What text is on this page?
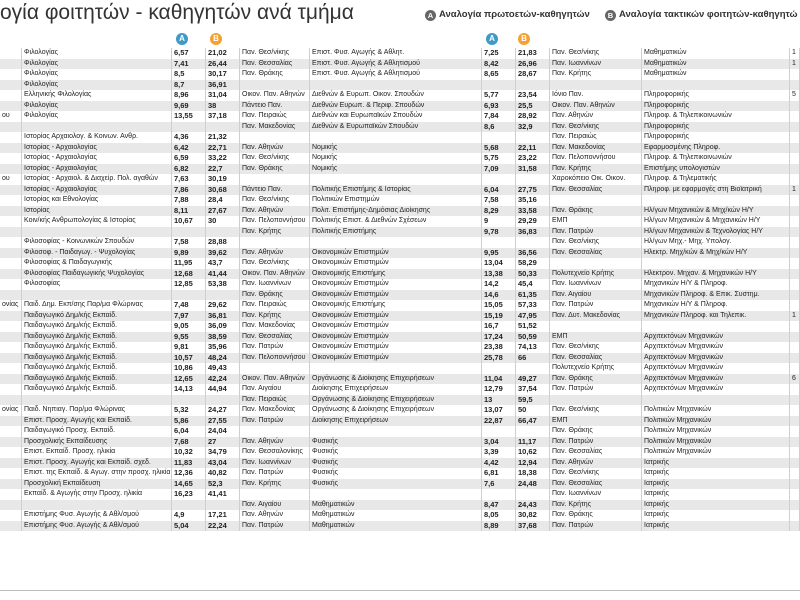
ογία φοιτητών - καθηγητών ανά τμήμα	A Αναλογία πρωτοετών-καθηγητών	B Αναλογία τακτικών φοιτητών-καθηγητώ
A	B	A	B
Φιλολογίας	6,57	21,02	Παν. Θεσ/νίκης	Επιστ. Φυσ. Αγωγής & Αθλητ.	7,25	21,83	Παν. Θεσ/νίκης	Μαθηματικών	1
Φιλολογίας	7,41	26,44	Παν. Θεσσαλίας	Επιστ. Φυσ. Αγωγής & Αθλητισμού	8,42	26,96	Παν. Ιωαννίνων	Μαθηματικών	1
Φιλολογίας	8,5	30,17	Παν. Θράκης	Επιστ. Φυσ. Αγωγής & Αθλητισμού	8,65	28,67	Παν. Κρήτης	Μαθηματικών
Φιλολογίας	8,7	36,91
Ελληνικής Φιλολογίας	8,96	31,04	Οικον. Παν. Αθηνών	Διεθνών & Ευρωπ. Οικον. Σπουδών	5,77	23,54	Ιόνιο Παν.	Πληροφορικής	5
Φιλολογίας	9,69	38	Πάντειο Παν.	Διεθνών Ευρωπ. & Περιφ. Σπουδών	6,93	25,5	Οικον. Παν. Αθηνών	Πληροφορικής
ου	Φιλολογίας	13,55	37,18	Παν. Πειραιώς	Διεθνών και Ευρωπαϊκών Σπουδών	7,84	28,92	Παν. Αθηνών	Πληροφ. & Τηλεπικοινωνιών
Παν. Μακεδονίας	Διεθνών & Ευρωπαϊκών Σπουδών	8,6	32,9	Παν. Θεσ/νίκης	Πληροφορικής
Ιστορίας Αρχαιολογ. & Κοινων. Ανθρ.	4,36	21,32	Παν. Πειραιώς	Πληροφορικής
Ιστορίας - Αρχαιολογίας	6,42	22,71	Παν. Αθηνών	Νομικής	5,68	22,11	Παν. Μακεδονίας	Εφαρμοσμένης Πληροφ.
Ιστορίας - Αρχαιολογίας	6,59	33,22	Παν. Θεσ/νίκης	Νομικής	5,75	23,22	Παν. Πελοποννήσου	Πληροφ. & Τηλεπικοινωνιών
Ιστορίας - Αρχαιολογίας	6,82	22,7	Παν. Θράκης	Νομικής	7,09	31,58	Παν. Κρήτης	Επιστήμης υπολογιστών
ου	Ιστορίας - Αρχαιολ. & Διαχείρ. Πολ. αγαθών	7,63	30,19	Χαροκόπειο Οικ. Οικον.	Πληροφ. & Τηλεματικής
Ιστορίας - Αρχαιολογίας	7,86	30,68	Πάντειο Παν.	Πολιτικής Επιστήμης & Ιστορίας	6,04	27,75	Παν. Θεσσαλίας	Πληροφ. με εφαρμογές στη Βιοϊατρική	1
Ιστορίας και Εθνολογίας	7,88	28,4	Παν. Θεσ/νίκης	Πολιτικών Επιστημών	7,58	35,16
Ιστορίας	8,11	27,67	Παν. Αθηνών	Πολιτ. Επιστήμης-Δημόσιας Διοίκησης	8,29	33,58	Παν. Θράκης	Ηλ/γων Μηχανικών & Μηχ/κών Η/Υ
Κοιν/κής Ανθρωπολογίας & Ιστορίας	10,67	30	Παν. Πελοποννήσου Πολιτικής Επιστ. & Διεθνών Σχέσεων	9	29,29	ΕΜΠ	Ηλ/γων Μηχανικών & Μηχανικών Η/Υ
Παν. Κρήτης	Πολιτικής Επιστήμης	9,78	36,83	Παν. Πατρών	Ηλ/γων Μηχανικών & Τεχνολογίας Η/Υ
Φιλοσοφίας - Κοινωνικών Σπουδών	7,58	28,88	Παν. Θεσ/νίκης	Ηλ/γων Μηχ.- Μηχ. Υπολογ.
Φιλοσοφ. - Παιδαγωγ. - Ψυχολογίας	9,89	39,62	Παν. Αθηνών	Οικονομικών Επιστημών	9,95	36,56	Παν. Θεσσαλίας	Ηλεκτρ. Μηχ/κών & Μηχ/κών Η/Υ
Φιλοσοφίας & Παιδαγωγικής	11,95	43,7	Παν. Θεσ/νίκης	Οικονομικών Επιστημών	13,04	58,29
Φιλοσοφίας Παιδαγωγικής Ψυχολογίας	12,68	41,44	Οικον. Παν. Αθηνών	Οικονομικής Επιστήμης	13,38	50,33	Πολυτεχνείο Κρήτης	Ηλεκτρον. Μηχαν. & Μηχανικών Η/Υ
Φιλοσοφίας	12,85	53,38	Παν. Ιωαννίνων	Οικονομικών Επιστημών	14,2	45,4	Παν. Ιωαννίνων	Μηχανικών Η/Υ & Πληροφ.
Παν. Θράκης	Οικονομικών Επιστημών	14,6	61,35	Παν. Αιγαίου	Μηχανικών Πληροφ. & Επικ. Συστημ.
ονίας Παιδ. Δημ. Εκπ/σης Παρ/μα Φλώρινας	7,48	29,62	Παν. Πειραιώς	Οικονομικής Επιστήμης	15,05	57,33	Παν. Πατρών	Μηχανικών Η/Υ & Πληροφ.
Παιδαγωγικό Δημ/κής Εκπαίδ.	7,97	36,81	Παν. Κρήτης	Οικονομικών Επιστημών	15,19	47,95	Παν. Δυτ. Μακεδονίας	Μηχανικών Πληροφ. και Τηλεπικ.	1
Παιδαγωγικό Δημ/κής Εκπαίδ.	9,05	36,09	Παν. Μακεδονίας	Οικονομικών Επιστημών	16,7	51,52
Παιδαγωγικό Δημ/κής Εκπαίδ.	9,55	38,59	Παν. Θεσσαλίας	Οικονομικών Επιστημών	17,24	50,59	ΕΜΠ	Αρχιτεκτόνων Μηχανικών
Παιδαγωγικό Δημ/κής Εκπαίδ.	9,81	35,96	Παν. Πατρών	Οικονομικών Επιστημών	23,38	74,13	Παν. Θεσ/νίκης	Αρχιτεκτόνων Μηχανικών
Παιδαγωγικό Δημ/κής Εκπαίδ.	10,57	48,24	Παν. Πελοποννήσου Οικονομικών Επιστημών	25,78	66	Παν. Θεσσαλίας	Αρχιτεκτόνων Μηχανικών
Παιδαγωγικό Δημ/κής Εκπαίδ.	10,86	49,43	Πολυτεχνείο Κρήτης	Αρχιτεκτόνων Μηχανικών
Παιδαγωγικό Δημ/κής Εκπαίδ.	12,65	42,24	Οικον. Παν. Αθηνών	Οργάνωσης & Διοίκησης Επιχειρήσεων	11,04	49,27	Παν. Θράκης	Αρχιτεκτόνων Μηχανικών	6
Παιδαγωγικό Δημ/κής Εκπαίδ.	14,13	44,94	Παν. Αιγαίου	Διοίκησης Επιχειρήσεων	12,79	37,54	Παν. Πατρών	Αρχιτεκτόνων Μηχανικών
Παν. Πειραιώς	Οργάνωσης & Διοίκησης Επιχειρήσεων	13	59,5
ονίας Παιδ. Νηπιαγ. Παρ/μα Φλώρινας	5,32	24,27	Παν. Μακεδονίας	Οργάνωσης & Διοίκησης Επιχειρήσεων	13,07	50	Παν. Θεσ/νίκης	Πολιτικών Μηχανικών
Επιστ. Προσχ. Αγωγής και Εκπαίδ.	5,86	27,55	Παν. Πατρών	Διοίκησης Επιχειρήσεων	22,87	66,47	ΕΜΠ	Πολιτικών Μηχανικών
Παιδαγωγικό Προσχ. Εκπαίδ.	6,04	24,04	Παν. Θράκης	Πολιτικών Μηχανικών
Προσχολικής Εκπαίδευσης	7,68	27	Παν. Αθηνών	Φυσικής	3,04	11,17	Παν. Πατρών	Πολιτικών Μηχανικών
Επιστ. Εκπαίδ. Προσχ. ηλικία	10,32	34,79	Παν. Θεσσαλονίκης	Φυσικής	3,39	10,62	Παν. Θεσσαλίας	Πολιτικών Μηχανικών
Επιστ. Προσχ. Αγωγής και Εκπαίδ. σχεδ.	11,83	43,04	Παν. Ιωαννίνων	Φυσικής	4,42	12,94	Παν. Αθηνών	Ιατρικής
Επιστ. της Εκπαίδ. & Αγωγ. στην προσχ. ηλικία 12,36	40,82	Παν. Πατρών	Φυσικής	6,81	18,38	Παν. Θεσ/νίκης	Ιατρικής
Προσχολική Εκπαίδευση	14,65	52,3	Παν. Κρήτης	Φυσικής	7,6	24,48	Παν. Θεσσαλίας	Ιατρικής
Εκπαίδ. & Αγωγής στην Προσχ. ηλικία	16,23	41,41	Παν. Ιωαννίνων	Ιατρικής
Παν. Αιγαίου	Μαθηματικών	8,47	24,43	Παν. Κρήτης	Ιατρικής
Επιστήμης Φυσ. Αγωγής & Αθλ/σμού	4,9	17,21	Παν. Αθηνών	Μαθηματικών	8,05	30,82	Παν. Θράκης	Ιατρικής
Επιστήμης Φυσ. Αγωγής & Αθλ/σμού	5,04	22,24	Παν. Πατρών	Μαθηματικών	8,89	37,68	Παν. Πατρών	Ιατρικής
